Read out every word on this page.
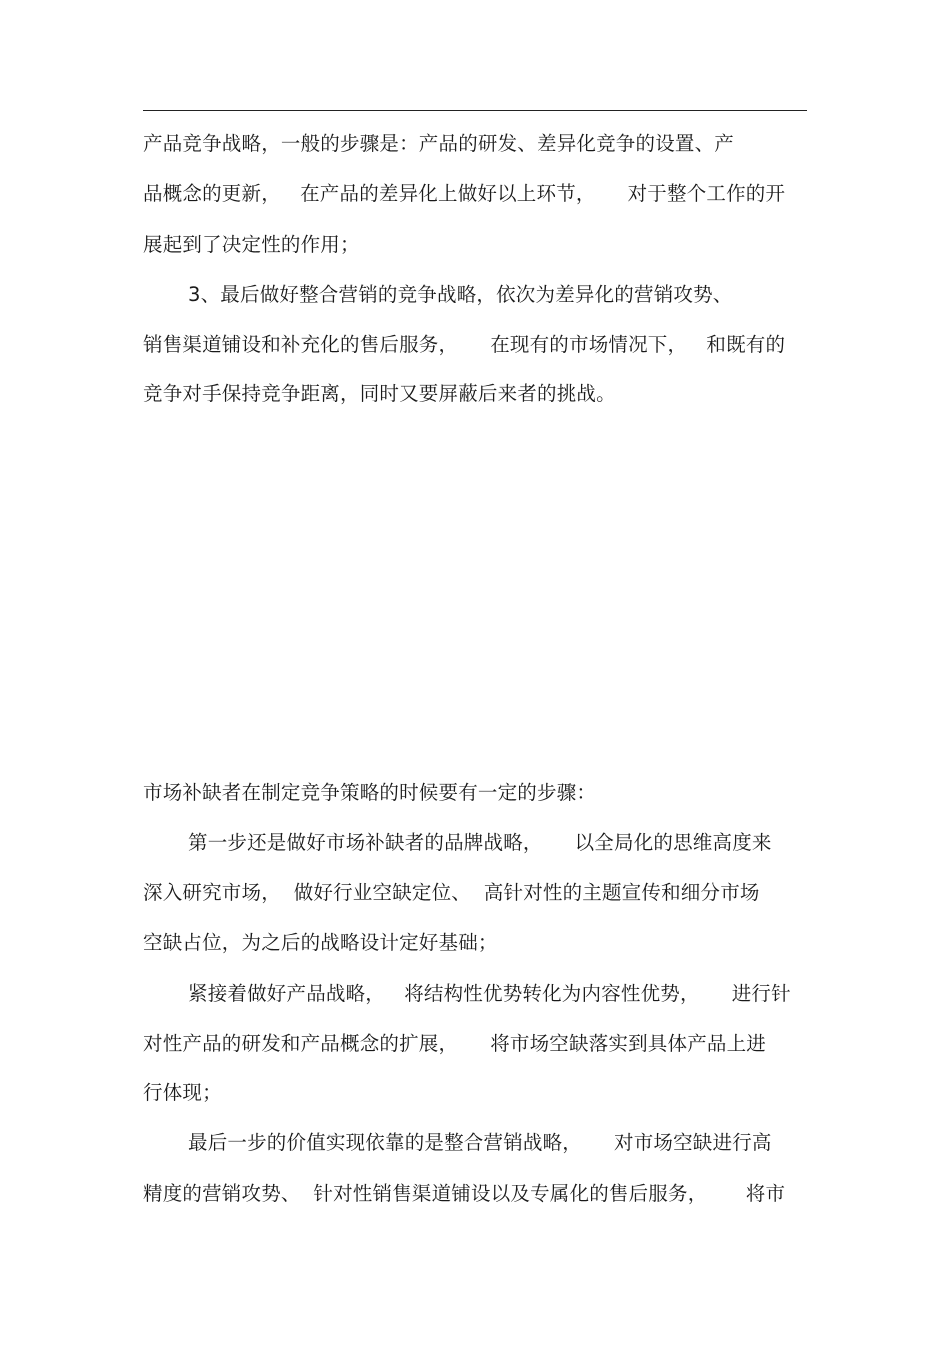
产品竞争战略，一般的步骤是：产品的研发、差异化竞争的设置、产
品概念的更新，   在产品的差异化上做好以上环节，     对于整个工作的开
展起到了决定性的作用；
3、最后做好整合营销的竞争战略，依次为差异化的营销攻势、
销售渠道铺设和补充化的售后服务，     在现有的市场情况下，   和既有的
竞争对手保持竞争距离，同时又要屏蔽后来者的挑战。
市场补缺者在制定竞争策略的时候要有一定的步骤：
第一步还是做好市场补缺者的品牌战略，     以全局化的思维高度来
深入研究市场，  做好行业空缺定位、  高针对性的主题宣传和细分市场
空缺占位，为之后的战略设计定好基础；
紧接着做好产品战略，   将结构性优势转化为内容性优势，     进行针
对性产品的研发和产品概念的扩展，     将市场空缺落实到具体产品上进
行体现；
最后一步的价值实现依靠的是整合营销战略，     对市场空缺进行高
精度的营销攻势、  针对性销售渠道铺设以及专属化的售后服务，      将市
